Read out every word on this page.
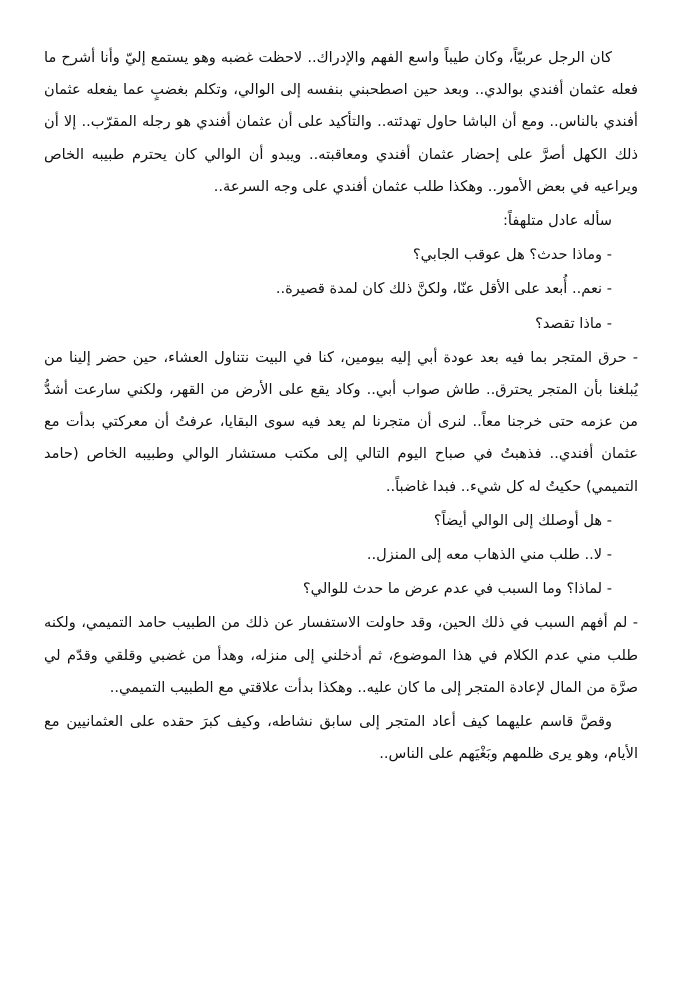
كان الرجل عربيّاً، وكان طيباً واسع الفهم والإدراك.. لاحظت غضبه وهو يستمع إليّ وأنا أشرح ما فعله عثمان أفندي بوالدي.. وبعد حين اصطحبني بنفسه إلى الوالي، وتكلم بغضبٍ عما يفعله عثمان أفندي بالناس.. ومع أن الباشا حاول تهدئته.. والتأكيد على أن عثمان أفندي هو رجله المقرّب.. إلا أن ذلك الكهل أصرَّ على إحضار عثمان أفندي ومعاقبته.. ويبدو أن الوالي كان يحترم طبيبه الخاص ويراعيه في بعض الأمور.. وهكذا طلب عثمان أفندي على وجه السرعة..

سأله عادل متلهفاً:

- وماذا حدث؟ هل عوقب الجابي؟

- نعم.. أُبعد على الأقل عنّا، ولكنَّ ذلك كان لمدة قصيرة..

- ماذا تقصد؟

- حرق المتجر بما فيه بعد عودة أبي إليه بيومين، كنا في البيت نتناول العشاء، حين حضر إلينا من يُبلغنا بأن المتجر يحترق.. طاش صواب أبي.. وكاد يقع على الأرض من القهر، ولكني سارعت أشدُّ من عزمه حتى خرجنا معاً.. لنرى أن متجرنا لم يعد فيه سوى البقايا، عرفتُ أن معركتي بدأت مع عثمان أفندي.. فذهبتُ في صباح اليوم التالي إلى مكتب مستشار الوالي وطبيبه الخاص (حامد التميمي) حكيتُ له كل شيء.. فبدا غاضباً..

- هل أوصلك إلى الوالي أيضاً؟

- لا.. طلب مني الذهاب معه إلى المنزل..

- لماذا؟ وما السبب في عدم عرض ما حدث للوالي؟

- لم أفهم السبب في ذلك الحين، وقد حاولت الاستفسار عن ذلك من الطبيب حامد التميمي، ولكنه طلب مني عدم الكلام في هذا الموضوع، ثم أدخلني إلى منزله، وهدأ من غضبي وقلقي وقدّم لي صرَّة من المال لإعادة المتجر إلى ما كان عليه.. وهكذا بدأت علاقتي مع الطبيب التميمي..

وقصَّ قاسم عليهما كيف أعاد المتجر إلى سابق نشاطه، وكيف كبرَ حقده على العثمانيين مع الأيام، وهو يرى ظلمهم وبَغْيَهم على الناس..
